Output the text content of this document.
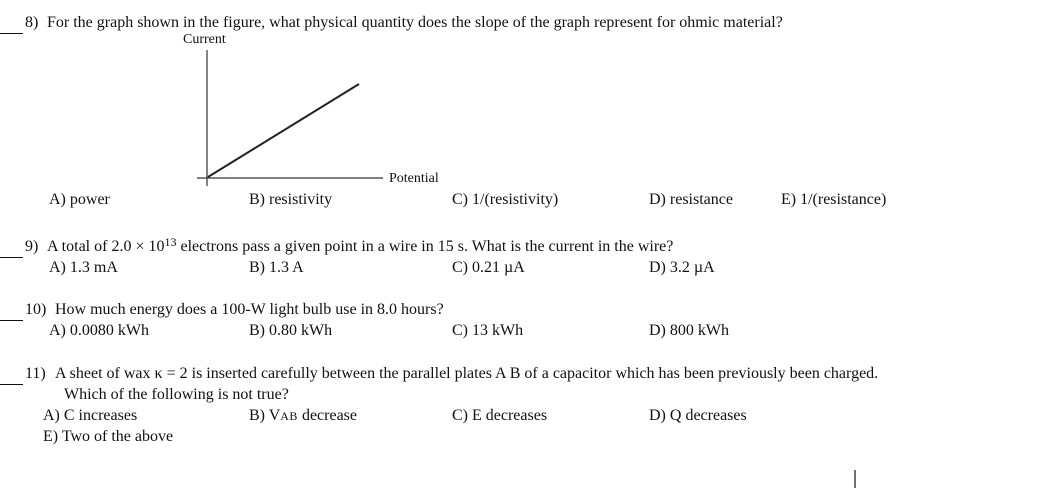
8) For the graph shown in the figure, what physical quantity does the slope of the graph represent for ohmic material?
Current
Potential
A) power	B) resistivity	C) 1/(resistivity)	D) resistance	E) 1/(resistance)
9) A total of $2.0 \times 10^{13}$ electrons pass a given point in a wire in 15 s. What is the current in the wire?
A) 1.3 mA	B) 1.3 A	C) 0.21 µA	D) 3.2 µA
10) How much energy does a 100-W light bulb use in 8.0 hours?
A) 0.0080 kWh	B) 0.80 kWh	C) 13 kWh	D) 800 kWh
11) A sheet of wax κ = 2 is inserted carefully between the parallel plates A B of a capacitor which has been previously been charged.
Which of the following is not true?
A) C increases	B) VAB decrease	C) E decreases	D) Q decreases
E) Two of the above
